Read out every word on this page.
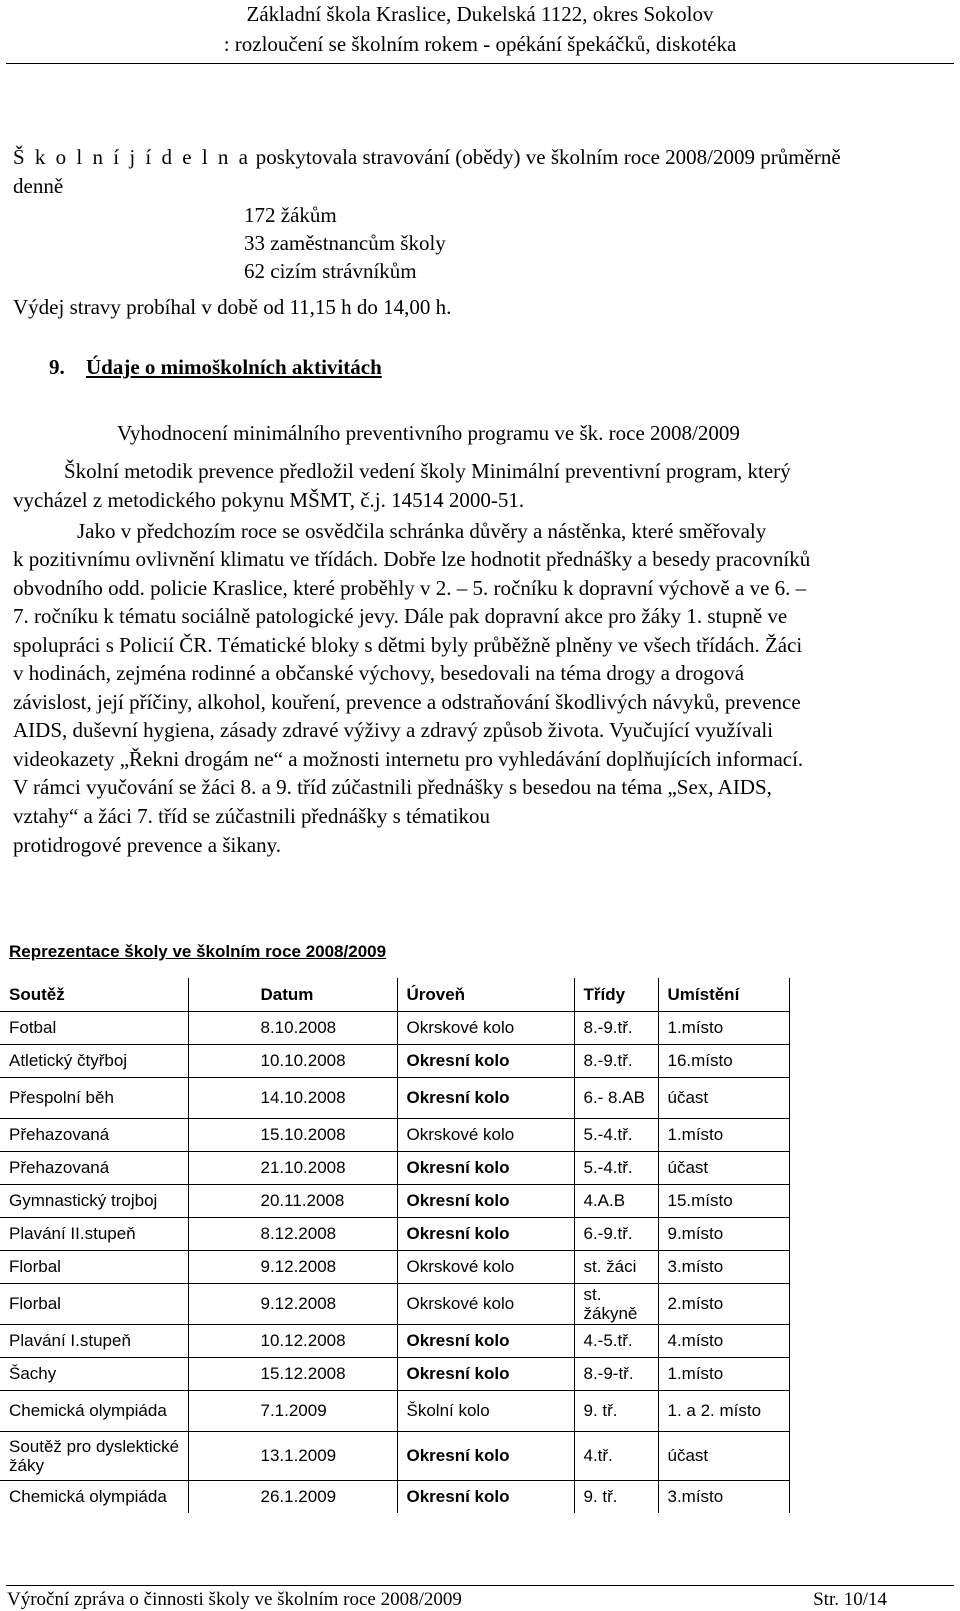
Základní škola Kraslice, Dukelská 1122, okres Sokolov
: rozloučení se školním rokem - opékání špekáčků, diskotéka
Š k o l n í j í d e l n a poskytovala stravování (obědy) ve školním roce 2008/2009 průměrně
denně
172 žákům
33 zaměstnancům školy
62 cizím strávníkům
Výdej stravy probíhal v době od 11,15 h do 14,00 h.
9. Údaje o mimoškolních aktivitách
Vyhodnocení minimálního preventivního programu ve šk. roce 2008/2009
Školní metodik prevence předložil vedení školy Minimální preventivní program, který
vycházel z metodického pokynu MŠMT, č.j. 14514 2000-51.
Jako v předchozím roce se osvědčila schránka důvěry a nástěnka, které směřovaly
k pozitivnímu ovlivnění klimatu ve třídách. Dobře lze hodnotit přednášky a besedy pracovníků
obvodního odd. policie Kraslice, které proběhly v 2. – 5. ročníku k dopravní výchově a ve 6. –
7. ročníku k tématu sociálně patologické jevy. Dále pak dopravní akce pro žáky 1. stupně ve
spolupráci s Policií ČR. Tématické bloky s dětmi byly průběžně plněny ve všech třídách. Žáci
v hodinách, zejména rodinné a občanské výchovy, besedovali na téma drogy a drogová
závislost, její příčiny, alkohol, kouření, prevence a odstraňování škodlivých návyků, prevence
AIDS, duševní hygiena, zásady zdravé výživy a zdravý způsob života. Vyučující využívali
videokazety „Řekni drogám ne“ a možnosti internetu pro vyhledávání doplňujících informací.
V rámci vyučování se žáci 8. a 9. tříd zúčastnili přednášky s besedou na téma „Sex, AIDS,
vztahy“ a žáci 7. tříd se zúčastnili přednášky s tématikou
protidrogové prevence a šikany.
Reprezentace školy ve školním roce 2008/2009
Soutěž	Datum	Úroveň	Třídy	Umístění
Fotbal	8.10.2008	Okrskové kolo	8.-9.tř.	1.místo
Atletický čtyřboj	10.10.2008	Okresní kolo	8.-9.tř.	16.místo
Přespolní běh	14.10.2008	Okresní kolo	6.- 8.AB	účast
Přehazovaná	15.10.2008	Okrskové kolo	5.-4.tř.	1.místo
Přehazovaná	21.10.2008	Okresní kolo	5.-4.tř.	účast
Gymnastický trojboj	20.11.2008	Okresní kolo	4.A.B	15.místo
Plavání II.stupeň	8.12.2008	Okresní kolo	6.-9.tř.	9.místo
Florbal	9.12.2008	Okrskové kolo	st. žáci	3.místo
Florbal	9.12.2008	Okrskové kolo	st. žákyně	2.místo
Plavání I.stupeň	10.12.2008	Okresní kolo	4.-5.tř.	4.místo
Šachy	15.12.2008	Okresní kolo	8.-9-tř.	1.místo
Chemická olympiáda	7.1.2009	Školní kolo	9. tř.	1. a 2. místo
Soutěž pro dyslektické žáky	13.1.2009	Okresní kolo	4.tř.	účast
Chemická olympiáda	26.1.2009	Okresní kolo	9. tř.	3.místo
Výroční zpráva o činnosti školy ve školním roce 2008/2009	Str. 10/14
